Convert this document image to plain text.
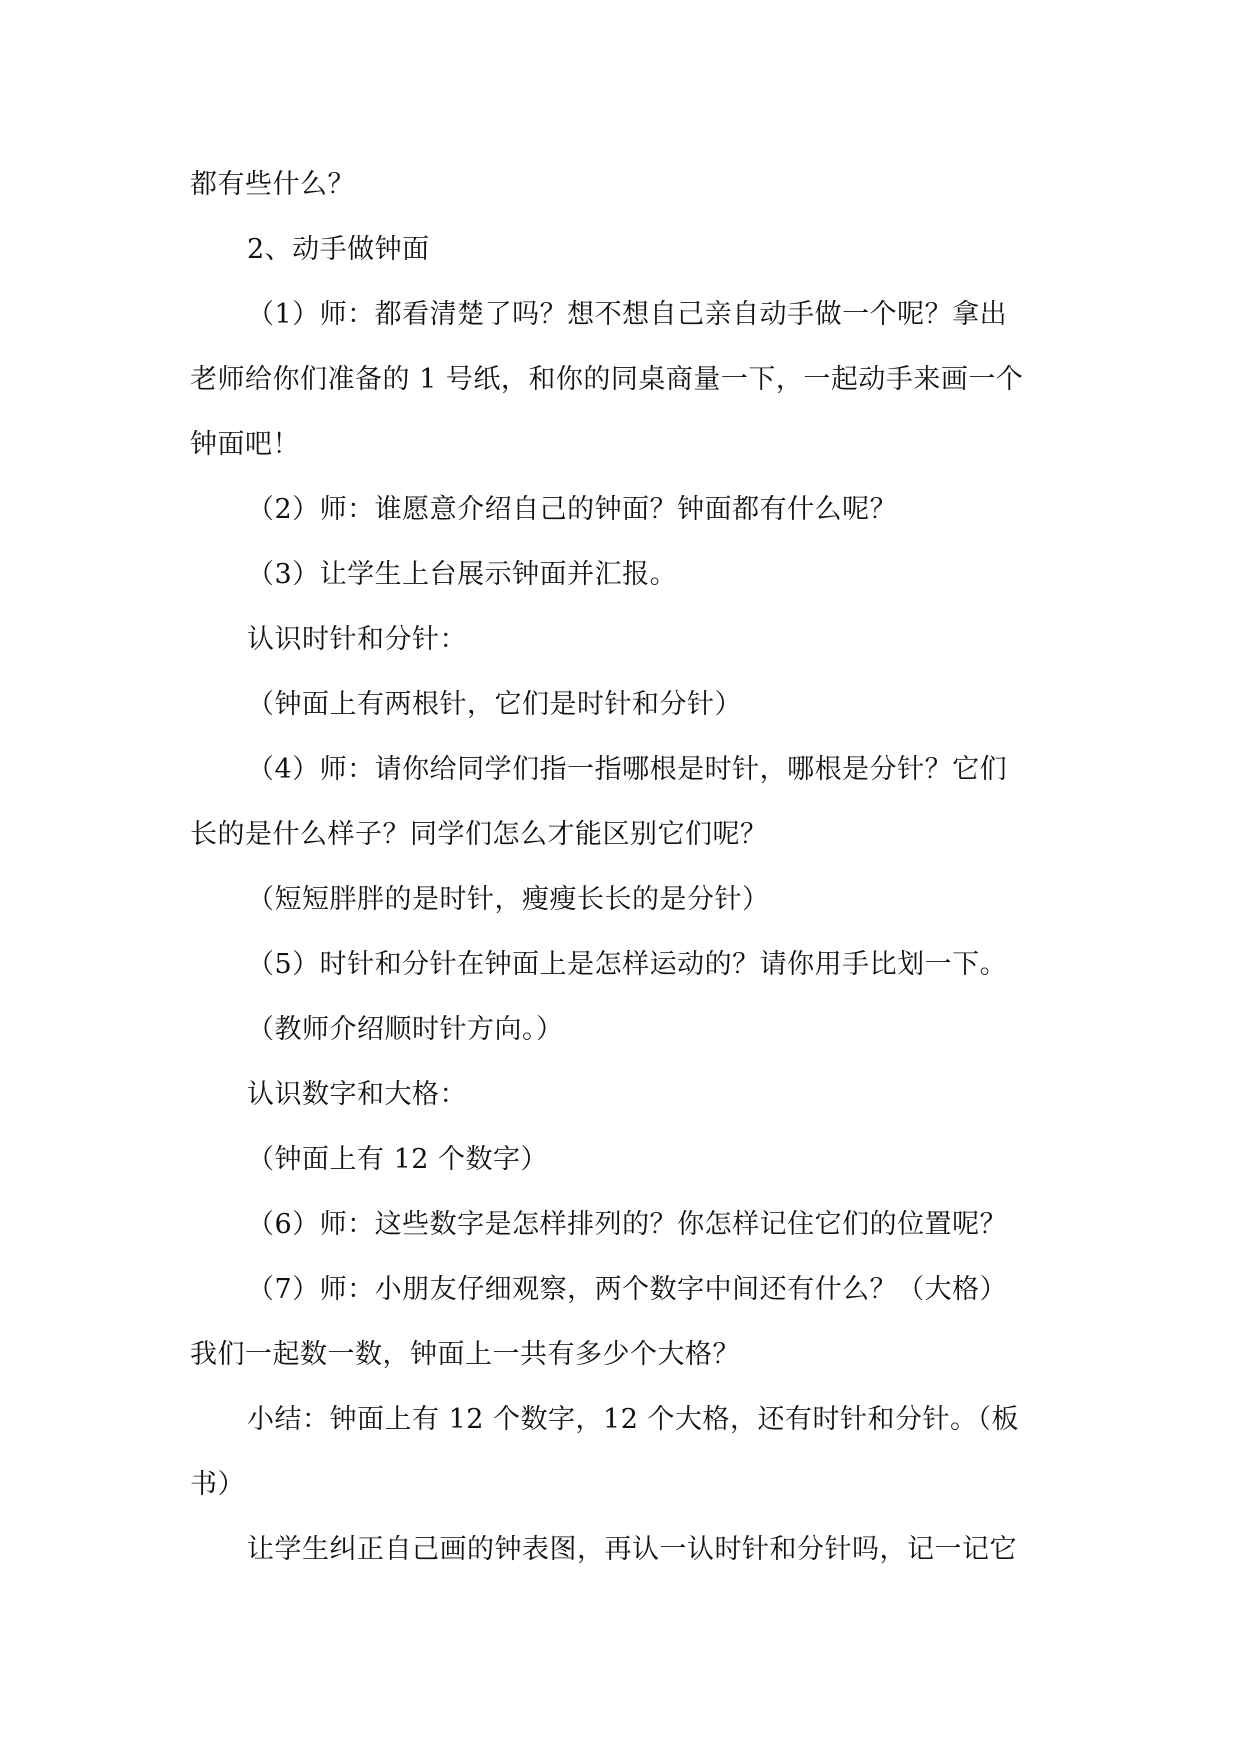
都有些什么？

2、动手做钟面

（1）师：都看清楚了吗？想不想自己亲自动手做一个呢？拿出

老师给你们准备的 1 号纸，和你的同桌商量一下，一起动手来画一个

钟面吧！

（2）师：谁愿意介绍自己的钟面？钟面都有什么呢？

（3）让学生上台展示钟面并汇报。

认识时针和分针：

（钟面上有两根针，它们是时针和分针）

（4）师：请你给同学们指一指哪根是时针，哪根是分针？它们

长的是什么样子？同学们怎么才能区别它们呢？

（短短胖胖的是时针，瘦瘦长长的是分针）

（5）时针和分针在钟面上是怎样运动的？请你用手比划一下。

（教师介绍顺时针方向。）

认识数字和大格：

（钟面上有 12 个数字）

（6）师：这些数字是怎样排列的？你怎样记住它们的位置呢？

（7）师：小朋友仔细观察，两个数字中间还有什么？（大格）

我们一起数一数，钟面上一共有多少个大格？

小结：钟面上有 12 个数字，12 个大格，还有时针和分针。（板

书）

让学生纠正自己画的钟表图，再认一认时针和分针吗，记一记它
